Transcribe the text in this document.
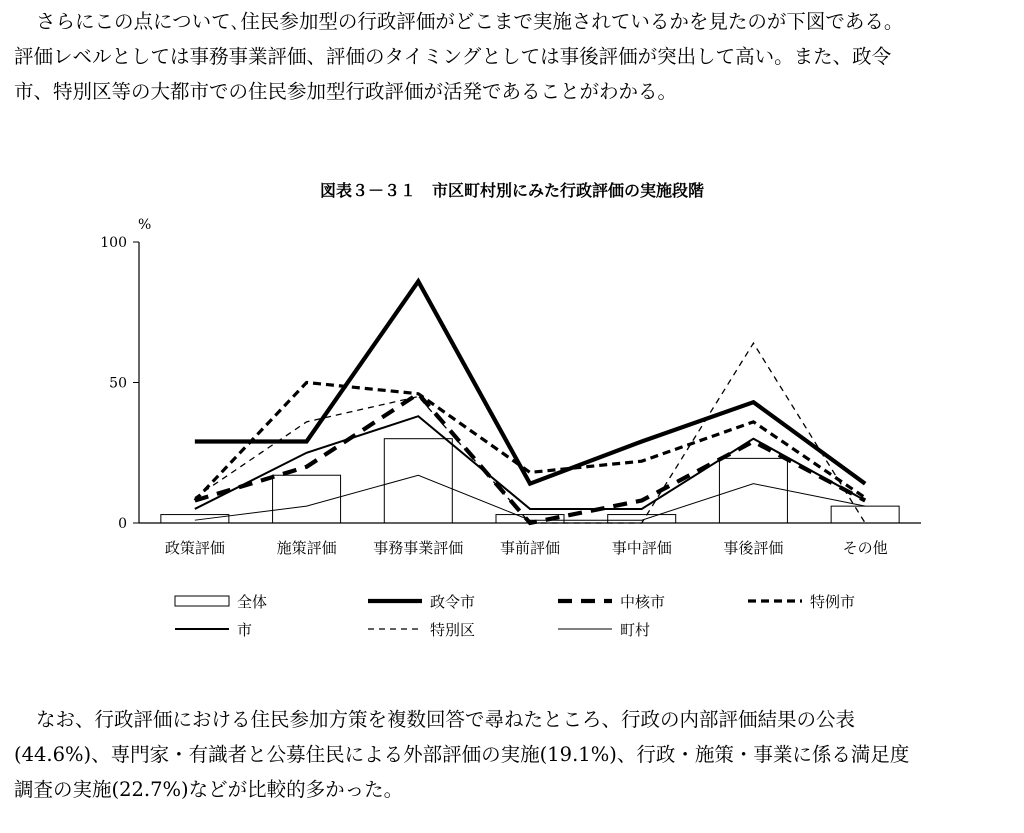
さらにこの点について､住民参加型の行政評価がどこまで実施されているかを見たのが下図である。
評価レベルとしては事務事業評価、評価のタイミングとしては事後評価が突出して高い。また、政令
市、特別区等の大都市での住民参加型行政評価が活発であることがわかる。
図表３－３１　市区町村別にみた行政評価の実施段階
%
0
50
100
政策評価	施策評価 事務事業評価 事前評価	事中評価	事後評価	その他
全体	政令市	中核市	特例市
市	特別区	町村
なお、行政評価における住民参加方策を複数回答で尋ねたところ、行政の内部評価結果の公表
(44.6%)、専門家・有識者と公募住民による外部評価の実施(19.1%)、行政・施策・事業に係る満足度
調査の実施(22.7%)などが比較的多かった。
